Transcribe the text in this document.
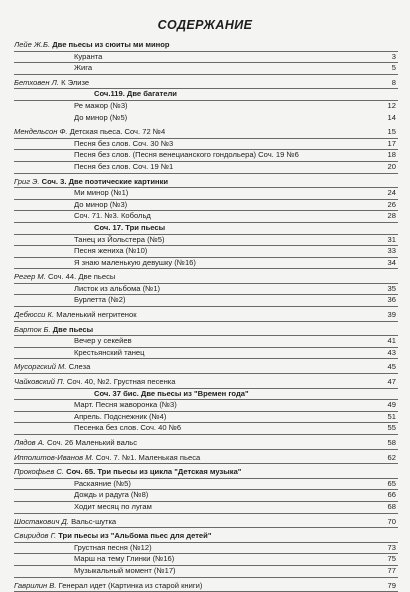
СОДЕРЖАНИЕ
Лейе Ж.Б. Две пьесы из сюиты ми минор
Куранта	3
Жига	5
Бетховен Л. К Элизе	8
Соч.119. Две багатели
Ре мажор (№3)	12
До минор (№5)	14
Мендельсон Ф. Детская пьеса. Соч. 72 №4	15
Песня без слов. Соч. 30 №3	17
Песня без слов. (Песня венецианского гондольера) Соч. 19 №6	18
Песня без слов. Соч. 19 №1	20
Григ Э. Соч. 3. Две поэтические картинки
Ми минор (№1)	24
До минор (№3)	26
Соч. 71. №3. Кобольд	28
Соч. 17. Три пьесы
Танец из Йольстера (№5)	31
Песня жениха (№10)	33
Я знаю маленькую девушку (№16)	34
Регер М. Соч. 44. Две пьесы
Листок из альбома (№1)	35
Бурлетта (№2)	36
Дебюсси К. Маленький негритенок	39
Барток Б. Две пьесы
Вечер у секейев	41
Крестьянский танец	43
Мусоргский М. Слеза	45
Чайковский П. Соч. 40, №2. Грустная песенка	47
Соч. 37 бис. Две пьесы из "Времен года"
Март. Песня жаворонка (№3)	49
Апрель. Подснежник (№4)	51
Песенка без слов. Соч. 40 №6	55
Лядов А. Соч. 26 Маленький вальс	58
Ипполитов-Иванов М. Соч. 7. №1. Маленькая пьеса	62
Прокофьев С. Соч. 65. Три пьесы из цикла "Детская музыка"
Раскаяние (№5)	65
Дождь и радуга (№8)	66
Ходит месяц по лугам	68
Шостакович Д. Вальс-шутка	70
Свиридов Г. Три пьесы из "Альбома пьес для детей"
Грустная песня (№12)	73
Марш на тему Глинки (№16)	75
Музыкальный момент (№17)	77
Гаврилин В. Генерал идет (Картинка из старой книги)	79
